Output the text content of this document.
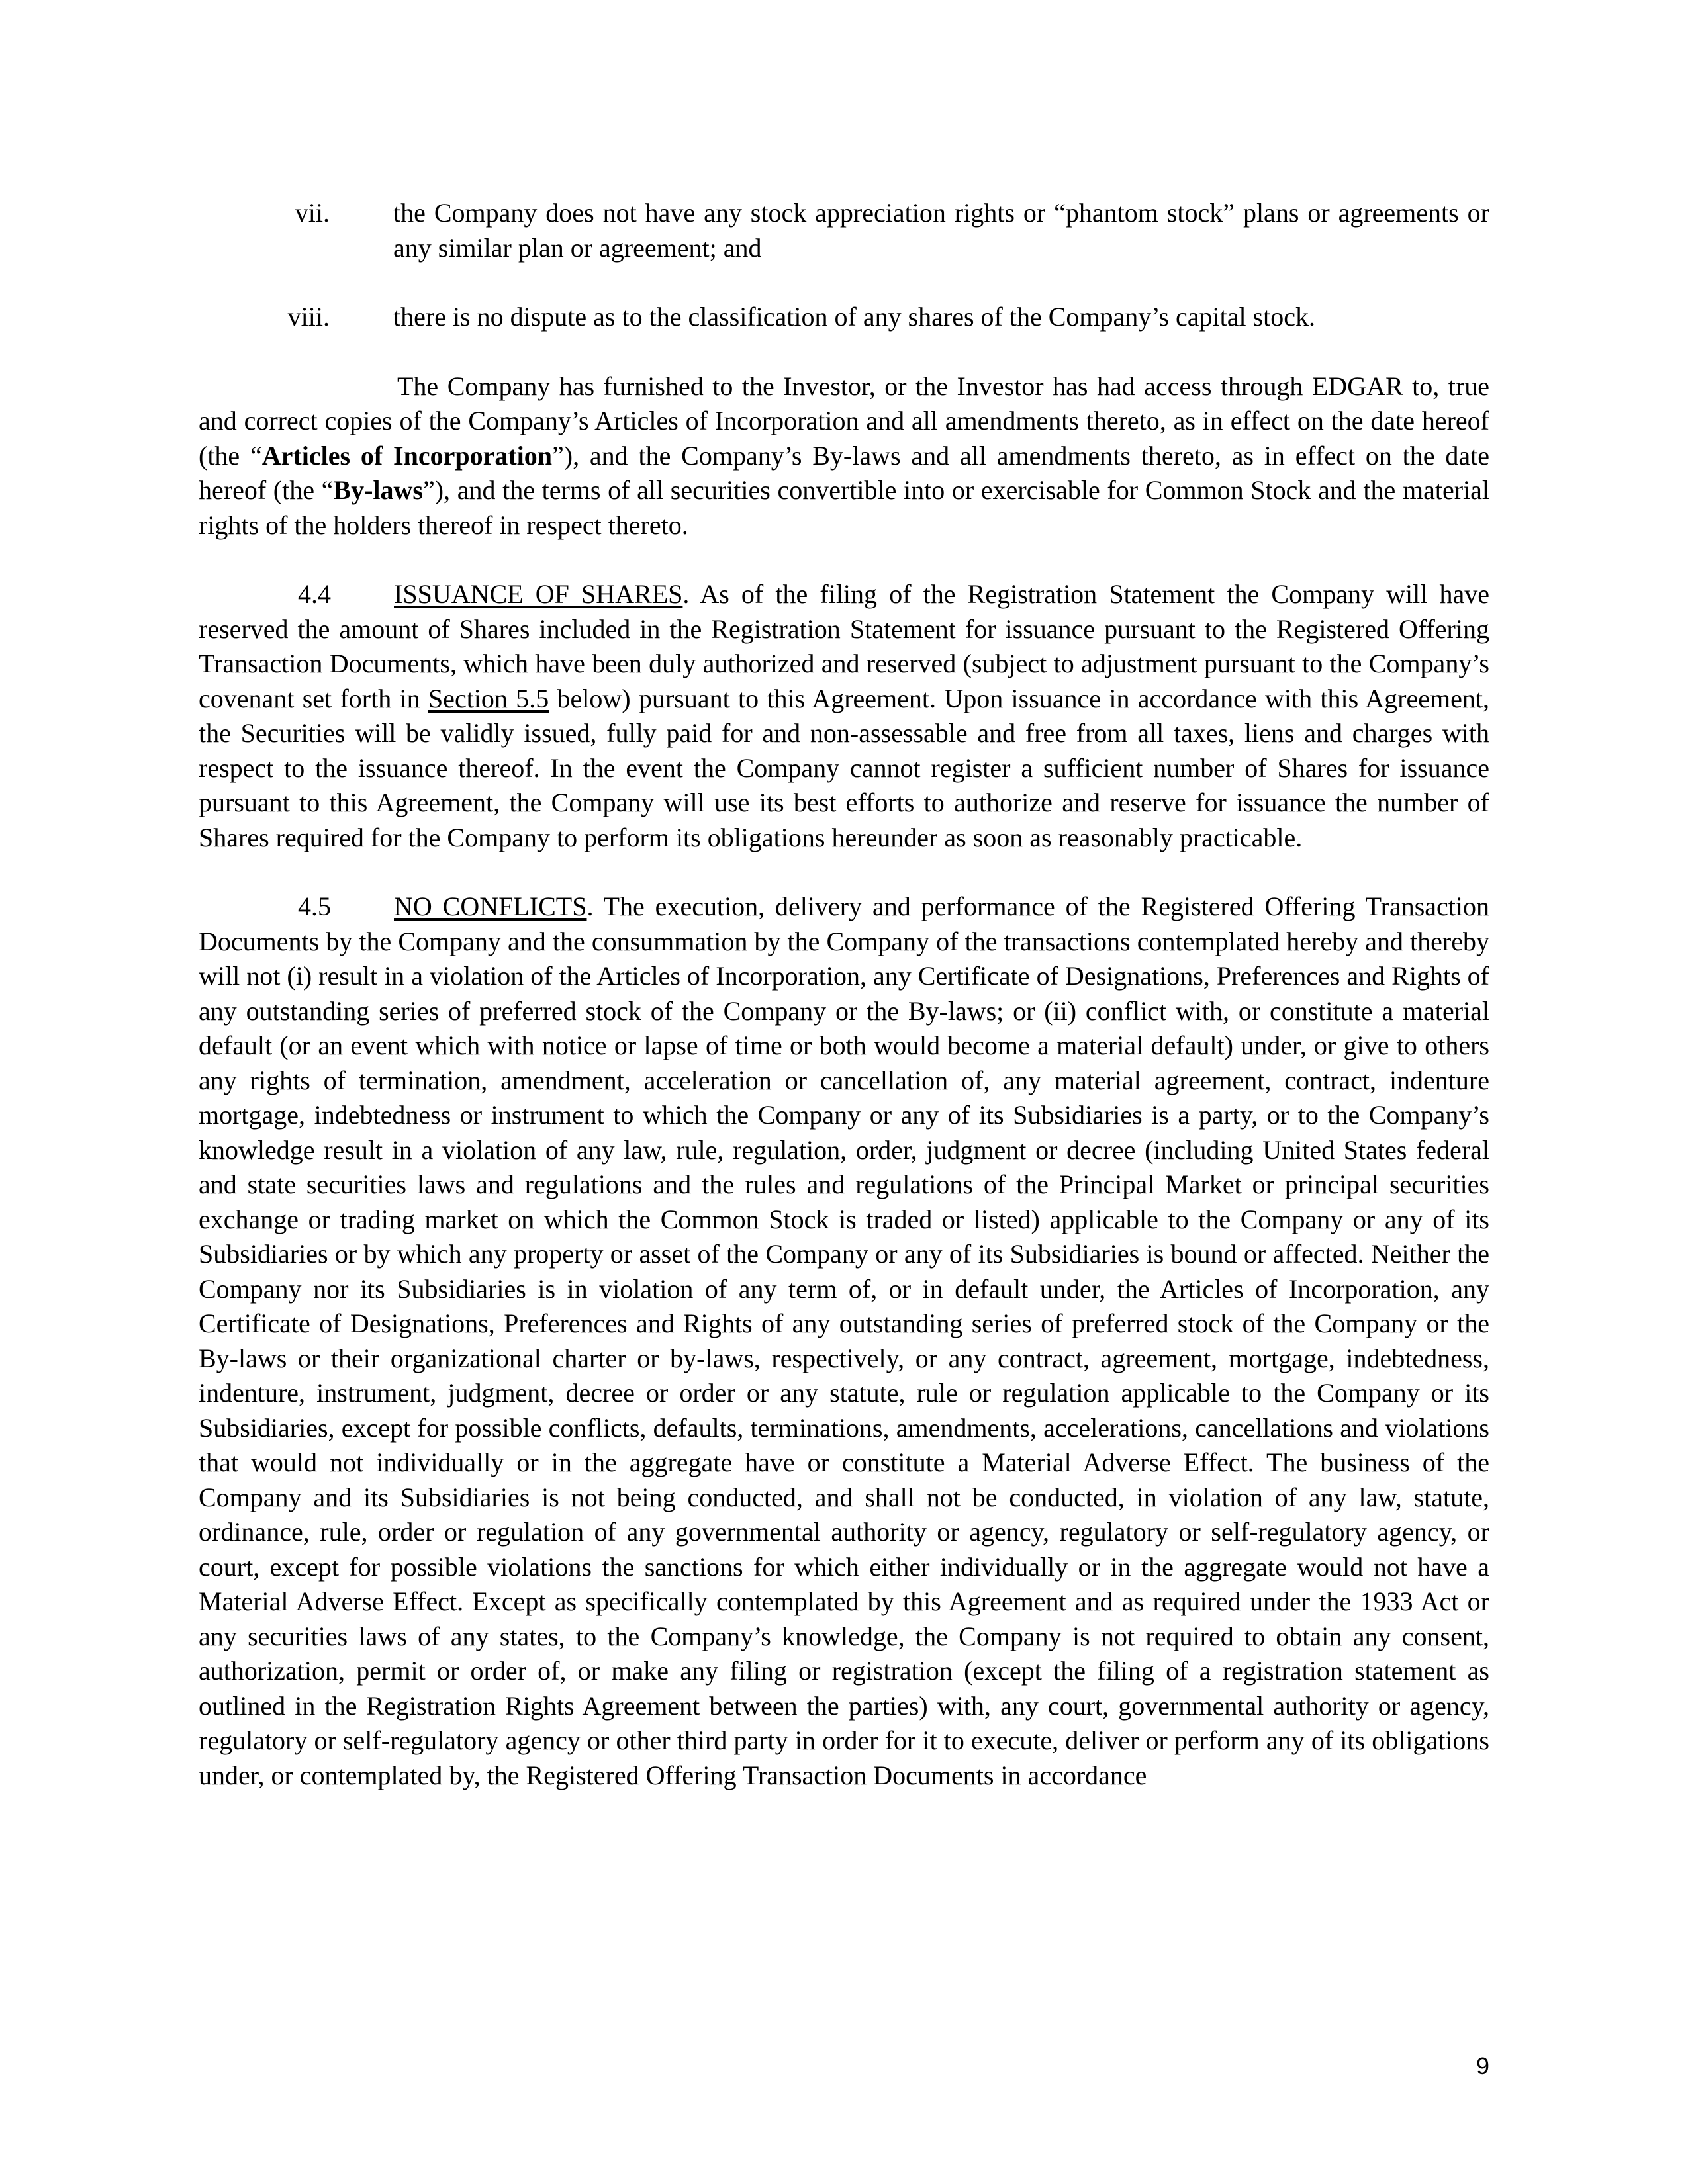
vii.	the Company does not have any stock appreciation rights or “phantom stock” plans or agreements or any similar plan or agreement; and
viii.	there is no dispute as to the classification of any shares of the Company’s capital stock.

The Company has furnished to the Investor, or the Investor has had access through EDGAR to, true and correct copies of the Company’s Articles of Incorporation and all amendments thereto, as in effect on the date hereof (the “Articles of Incorporation”), and the Company’s By-laws and all amendments thereto, as in effect on the date hereof (the “By-laws”), and the terms of all securities convertible into or exercisable for Common Stock and the material rights of the holders thereof in respect thereto.

4.4 ISSUANCE OF SHARES. As of the filing of the Registration Statement the Company will have reserved the amount of Shares included in the Registration Statement for issuance pursuant to the Registered Offering Transaction Documents, which have been duly authorized and reserved (subject to adjustment pursuant to the Company’s covenant set forth in Section 5.5 below) pursuant to this Agreement. Upon issuance in accordance with this Agreement, the Securities will be validly issued, fully paid for and non-assessable and free from all taxes, liens and charges with respect to the issuance thereof. In the event the Company cannot register a sufficient number of Shares for issuance pursuant to this Agreement, the Company will use its best efforts to authorize and reserve for issuance the number of Shares required for the Company to perform its obligations hereunder as soon as reasonably practicable.

4.5 NO CONFLICTS. The execution, delivery and performance of the Registered Offering Transaction Documents by the Company and the consummation by the Company of the transactions contemplated hereby and thereby will not (i) result in a violation of the Articles of Incorporation, any Certificate of Designations, Preferences and Rights of any outstanding series of preferred stock of the Company or the By-laws; or (ii) conflict with, or constitute a material default (or an event which with notice or lapse of time or both would become a material default) under, or give to others any rights of termination, amendment, acceleration or cancellation of, any material agreement, contract, indenture mortgage, indebtedness or instrument to which the Company or any of its Subsidiaries is a party, or to the Company’s knowledge result in a violation of any law, rule, regulation, order, judgment or decree (including United States federal and state securities laws and regulations and the rules and regulations of the Principal Market or principal securities exchange or trading market on which the Common Stock is traded or listed) applicable to the Company or any of its Subsidiaries or by which any property or asset of the Company or any of its Subsidiaries is bound or affected. Neither the Company nor its Subsidiaries is in violation of any term of, or in default under, the Articles of Incorporation, any Certificate of Designations, Preferences and Rights of any outstanding series of preferred stock of the Company or the By-laws or their organizational charter or by-laws, respectively, or any contract, agreement, mortgage, indebtedness, indenture, instrument, judgment, decree or order or any statute, rule or regulation applicable to the Company or its Subsidiaries, except for possible conflicts, defaults, terminations, amendments, accelerations, cancellations and violations that would not individually or in the aggregate have or constitute a Material Adverse Effect. The business of the Company and its Subsidiaries is not being conducted, and shall not be conducted, in violation of any law, statute, ordinance, rule, order or regulation of any governmental authority or agency, regulatory or self-regulatory agency, or court, except for possible violations the sanctions for which either individually or in the aggregate would not have a Material Adverse Effect. Except as specifically contemplated by this Agreement and as required under the 1933 Act or any securities laws of any states, to the Company’s knowledge, the Company is not required to obtain any consent, authorization, permit or order of, or make any filing or registration (except the filing of a registration statement as outlined in the Registration Rights Agreement between the parties) with, any court, governmental authority or agency, regulatory or self-regulatory agency or other third party in order for it to execute, deliver or perform any of its obligations under, or contemplated by, the Registered Offering Transaction Documents in accordance

9
